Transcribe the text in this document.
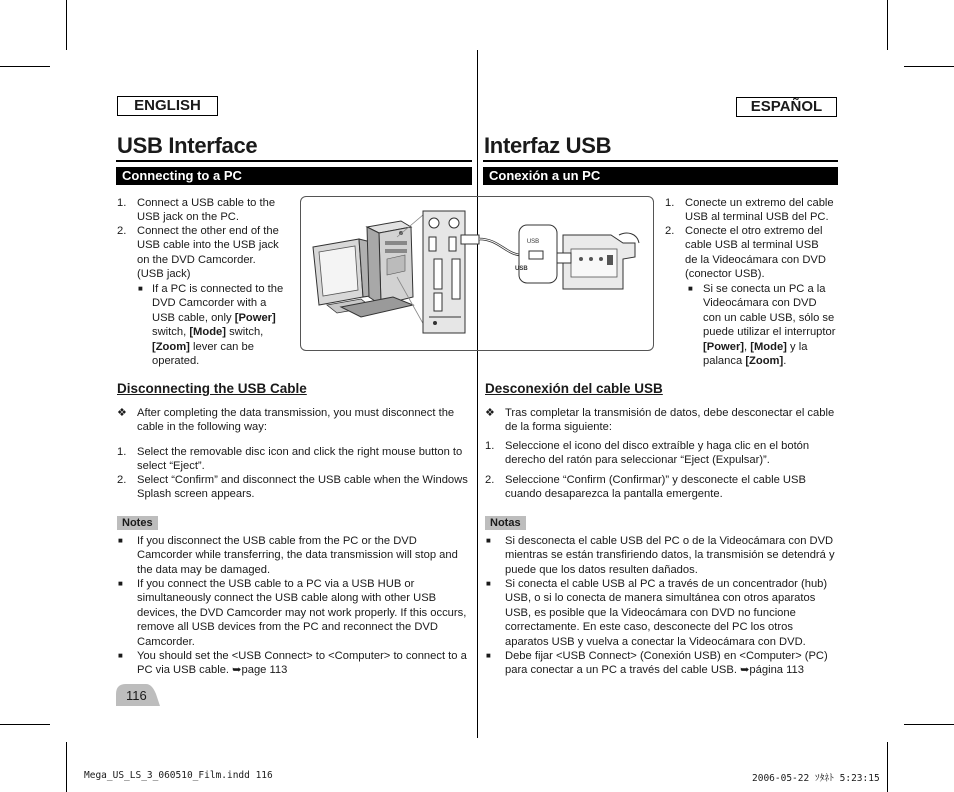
ENGLISH	ESPAÑOL
USB Interface	Interfaz USB
Connecting to a PC	Conexión a un PC
1. Connect a USB cable to the
USB jack on the PC.
2. Connect the other end of the
USB cable into the USB jack
on the DVD Camcorder.
(USB jack)
■ If a PC is connected to the
DVD Camcorder with a
USB cable, only [Power]
switch, [Mode] switch,
[Zoom] lever can be
operated.
USB
USB
Disconnecting the USB Cable
❖ After completing the data transmission, you must disconnect the
cable in the following way:
1. Select the removable disc icon and click the right mouse button to
select “Eject”.
2. Select “Confirm” and disconnect the USB cable when the Windows
Splash screen appears.
Notes
■ If you disconnect the USB cable from the PC or the DVD
Camcorder while transferring, the data transmission will stop and
the data may be damaged.
■ If you connect the USB cable to a PC via a USB HUB or
simultaneously connect the USB cable along with other USB
devices, the DVD Camcorder may not work properly. If this occurs,
remove all USB devices from the PC and reconnect the DVD
Camcorder.
■ You should set the <USB Connect> to <Computer> to connect to a
PC via USB cable. ➥page 113
116
1. Conecte un extremo del cable
USB al terminal USB del PC.
2. Conecte el otro extremo del
cable USB al terminal USB
de la Videocámara con DVD
(conector USB).
■ Si se conecta un PC a la
Videocámara con DVD
con un cable USB, sólo se
puede utilizar el interruptor
[Power], [Mode] y la
palanca [Zoom].
Desconexión del cable USB
❖ Tras completar la transmisión de datos, debe desconectar el cable
de la forma siguiente:
1. Seleccione el icono del disco extraíble y haga clic en el botón
derecho del ratón para seleccionar “Eject (Expulsar)”.
2. Seleccione “Confirm (Confirmar)” y desconecte el cable USB
cuando desaparezca la pantalla emergente.
Notas
■ Si desconecta el cable USB del PC o de la Videocámara con DVD
mientras se están transfiriendo datos, la transmisión se detendrá y
puede que los datos resulten dañados.
■ Si conecta el cable USB al PC a través de un concentrador (hub)
USB, o si lo conecta de manera simultánea con otros aparatos
USB, es posible que la Videocámara con DVD no funcione
correctamente. En este caso, desconecte del PC los otros
aparatos USB y vuelva a conectar la Videocámara con DVD.
■ Debe fijar <USB Connect> (Conexión USB) en <Computer> (PC)
para conectar a un PC a través del cable USB. ➥página 113
Mega_US_LS_3_060510_Film.indd 116	2006-05-22 ｿﾀﾈﾄ 5:23:15
